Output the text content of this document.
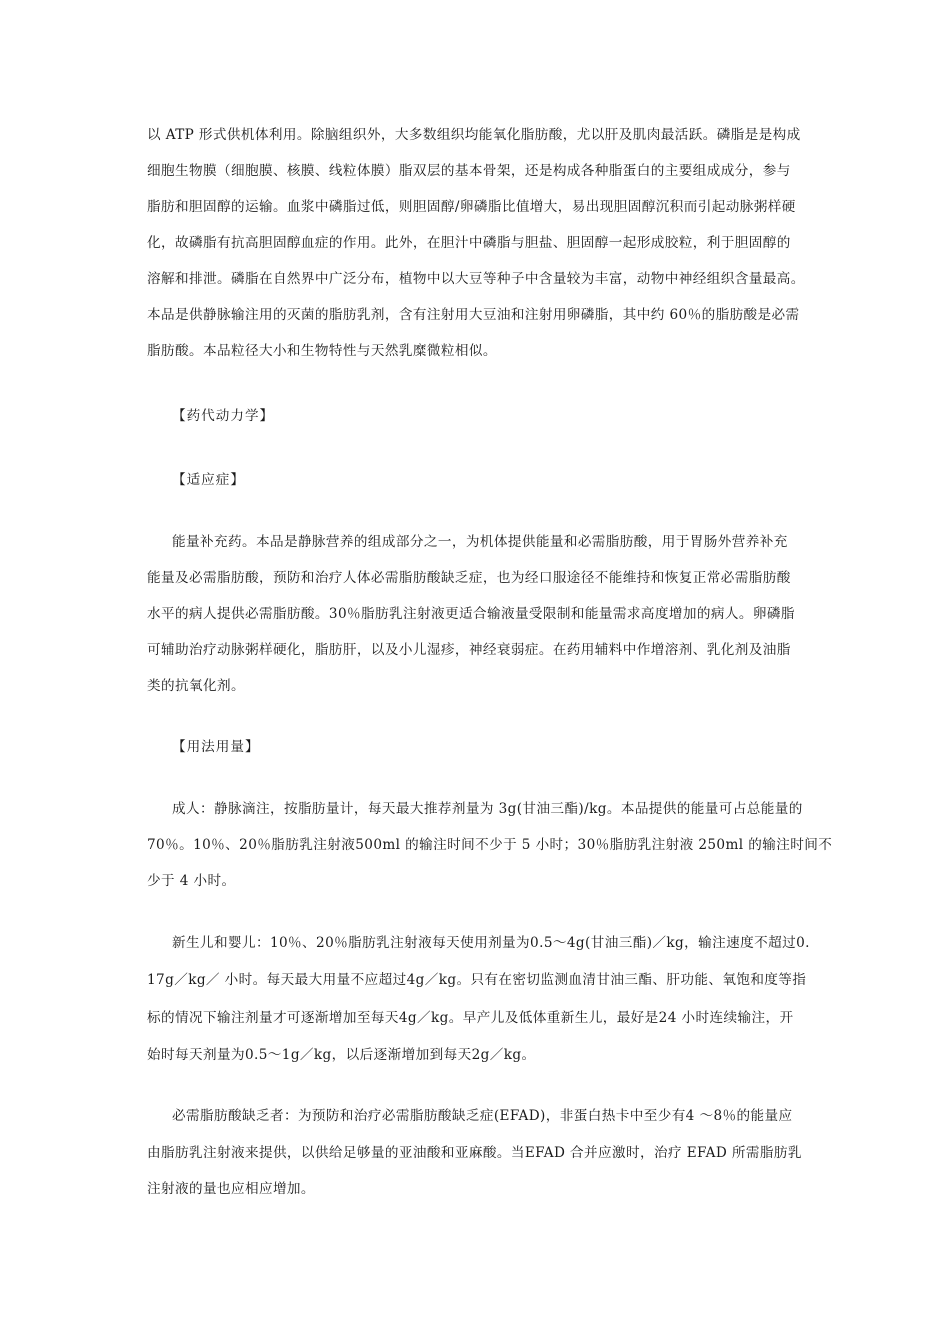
以 ATP 形式供机体利用。除脑组织外，大多数组织均能氧化脂肪酸，尤以肝及肌肉最活跃。磷脂是是构成
细胞生物膜（细胞膜、核膜、线粒体膜）脂双层的基本骨架，还是构成各种脂蛋白的主要组成成分，参与
脂肪和胆固醇的运输。血浆中磷脂过低，则胆固醇/卵磷脂比值增大，易出现胆固醇沉积而引起动脉粥样硬
化，故磷脂有抗高胆固醇血症的作用。此外，在胆汁中磷脂与胆盐、胆固醇一起形成胶粒，利于胆固醇的
溶解和排泄。磷脂在自然界中广泛分布，植物中以大豆等种子中含量较为丰富，动物中神经组织含量最高。
本品是供静脉输注用的灭菌的脂肪乳剂，含有注射用大豆油和注射用卵磷脂，其中约 60％的脂肪酸是必需
脂肪酸。本品粒径大小和生物特性与天然乳糜微粒相似。
【药代动力学】
【适应症】
能量补充药。本品是静脉营养的组成部分之一，为机体提供能量和必需脂肪酸，用于胃肠外营养补充
能量及必需脂肪酸，预防和治疗人体必需脂肪酸缺乏症，也为经口服途径不能维持和恢复正常必需脂肪酸
水平的病人提供必需脂肪酸。30％脂肪乳注射液更适合输液量受限制和能量需求高度增加的病人。卵磷脂
可辅助治疗动脉粥样硬化，脂肪肝，以及小儿湿疹，神经衰弱症。在药用辅料中作增溶剂、乳化剂及油脂
类的抗氧化剂。
【用法用量】
成人：静脉滴注，按脂肪量计，每天最大推荐剂量为 3g(甘油三酯)/kg。本品提供的能量可占总能量的
70％。10％、20％脂肪乳注射液500ml 的输注时间不少于 5 小时；30％脂肪乳注射液 250ml 的输注时间不
少于 4 小时。
新生儿和婴儿：10％、20％脂肪乳注射液每天使用剂量为0.5～4g(甘油三酯)／kg，输注速度不超过0.
17g／kg／ 小时。每天最大用量不应超过4g／kg。只有在密切监测血清甘油三酯、肝功能、氧饱和度等指
标的情况下输注剂量才可逐渐增加至每天4g／kg。早产儿及低体重新生儿，最好是24 小时连续输注，开
始时每天剂量为0.5～1g／kg，以后逐渐增加到每天2g／kg。
必需脂肪酸缺乏者：为预防和治疗必需脂肪酸缺乏症(EFAD)，非蛋白热卡中至少有4 ～8％的能量应
由脂肪乳注射液来提供，以供给足够量的亚油酸和亚麻酸。当EFAD 合并应激时，治疗 EFAD 所需脂肪乳
注射液的量也应相应增加。
